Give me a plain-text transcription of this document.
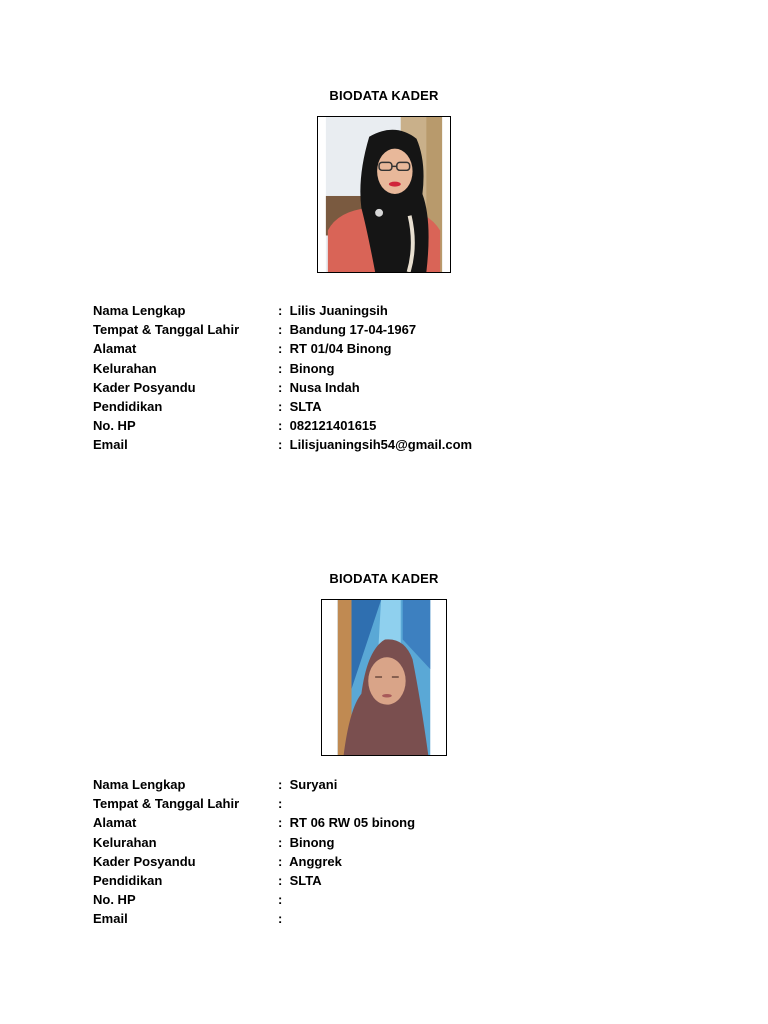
BIODATA KADER
Nama Lengkap	: Lilis Juaningsih
Tempat & Tanggal Lahir	: Bandung 17-04-1967
Alamat	: RT 01/04 Binong
Kelurahan	: Binong
Kader Posyandu	: Nusa Indah
Pendidikan	: SLTA
No. HP	: 082121401615
Email	: Lilisjuaningsih54@gmail.com
BIODATA KADER
Nama Lengkap	: Suryani
Tempat & Tanggal Lahir	:
Alamat	: RT 06 RW 05 binong
Kelurahan	: Binong
Kader Posyandu	: Anggrek
Pendidikan	: SLTA
No. HP	:
Email	:
